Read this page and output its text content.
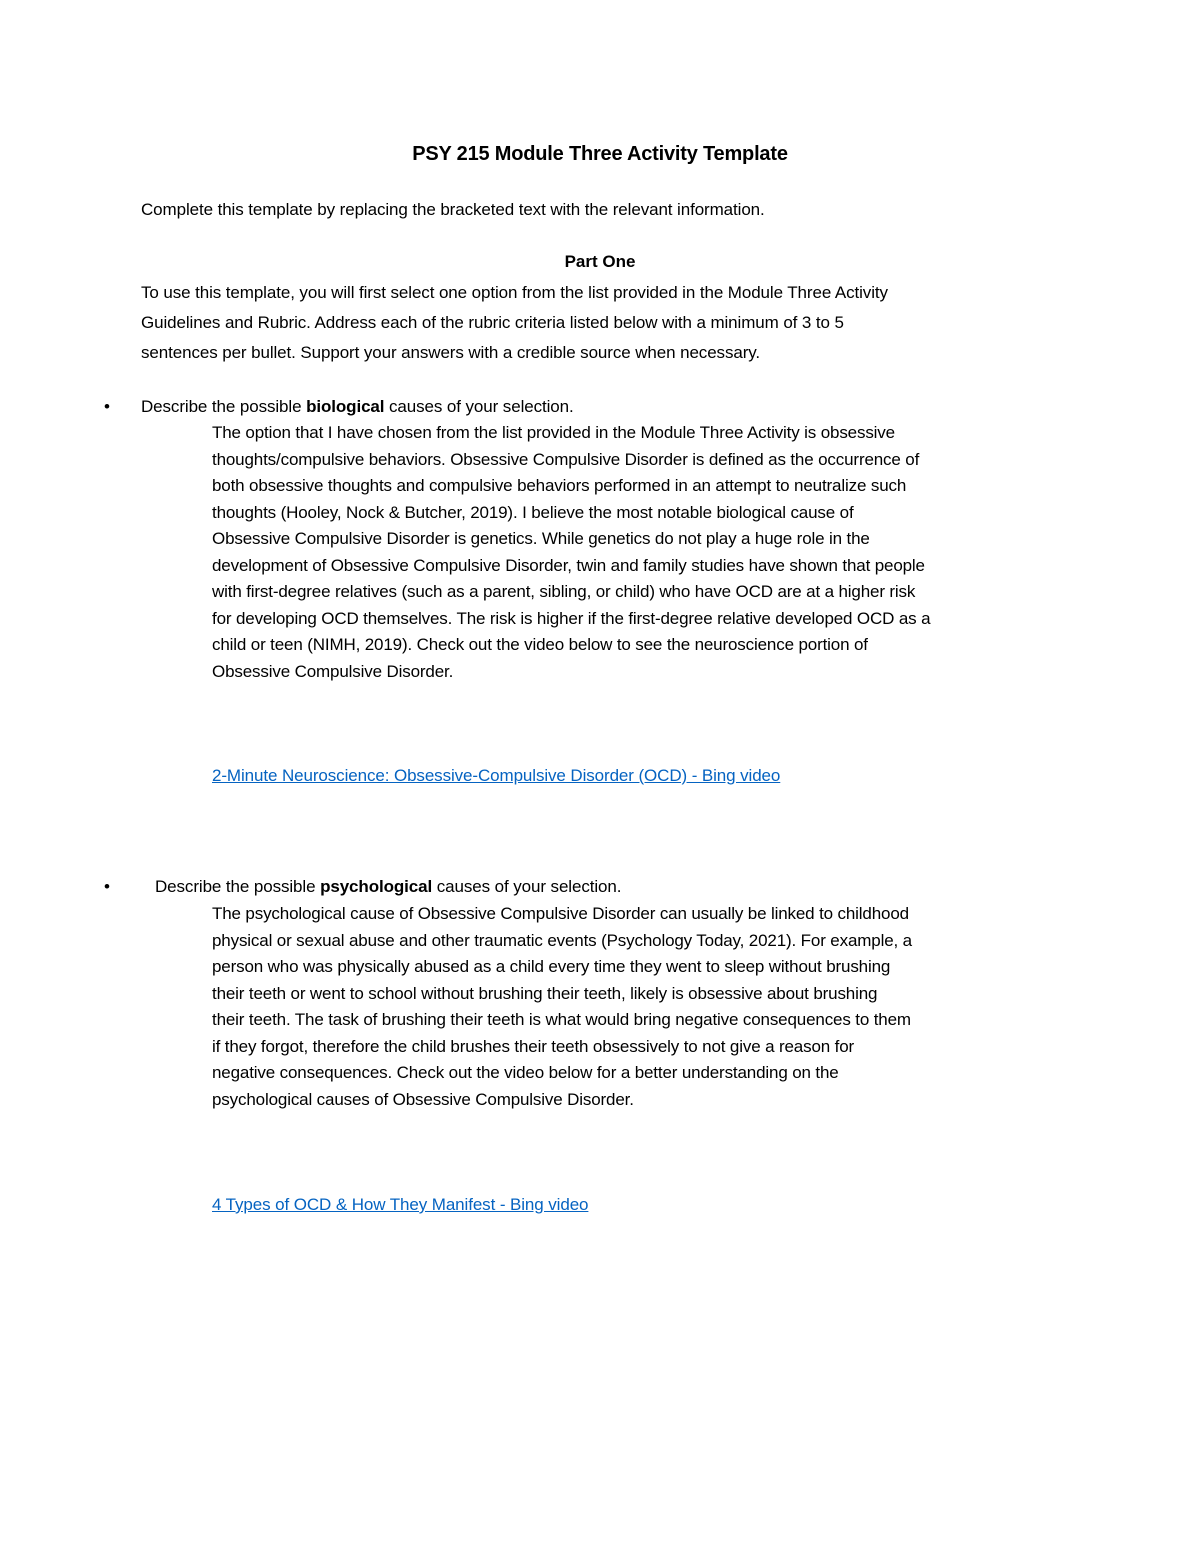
PSY 215 Module Three Activity Template
Complete this template by replacing the bracketed text with the relevant information.
Part One
To use this template, you will first select one option from the list provided in the Module Three Activity
Guidelines and Rubric. Address each of the rubric criteria listed below with a minimum of 3 to 5
sentences per bullet. Support your answers with a credible source when necessary.
• Describe the possible biological causes of your selection.
The option that I have chosen from the list provided in the Module Three Activity is obsessive
thoughts/compulsive behaviors. Obsessive Compulsive Disorder is defined as the occurrence of
both obsessive thoughts and compulsive behaviors performed in an attempt to neutralize such
thoughts (Hooley, Nock & Butcher, 2019). I believe the most notable biological cause of
Obsessive Compulsive Disorder is genetics. While genetics do not play a huge role in the
development of Obsessive Compulsive Disorder, twin and family studies have shown that people
with first-degree relatives (such as a parent, sibling, or child) who have OCD are at a higher risk
for developing OCD themselves. The risk is higher if the first-degree relative developed OCD as a
child or teen (NIMH, 2019). Check out the video below to see the neuroscience portion of
Obsessive Compulsive Disorder.
2-Minute Neuroscience: Obsessive-Compulsive Disorder (OCD) - Bing video
•	Describe the possible psychological causes of your selection.
The psychological cause of Obsessive Compulsive Disorder can usually be linked to childhood
physical or sexual abuse and other traumatic events (Psychology Today, 2021). For example, a
person who was physically abused as a child every time they went to sleep without brushing
their teeth or went to school without brushing their teeth, likely is obsessive about brushing
their teeth. The task of brushing their teeth is what would bring negative consequences to them
if they forgot, therefore the child brushes their teeth obsessively to not give a reason for
negative consequences. Check out the video below for a better understanding on the
psychological causes of Obsessive Compulsive Disorder.
4 Types of OCD & How They Manifest - Bing video
